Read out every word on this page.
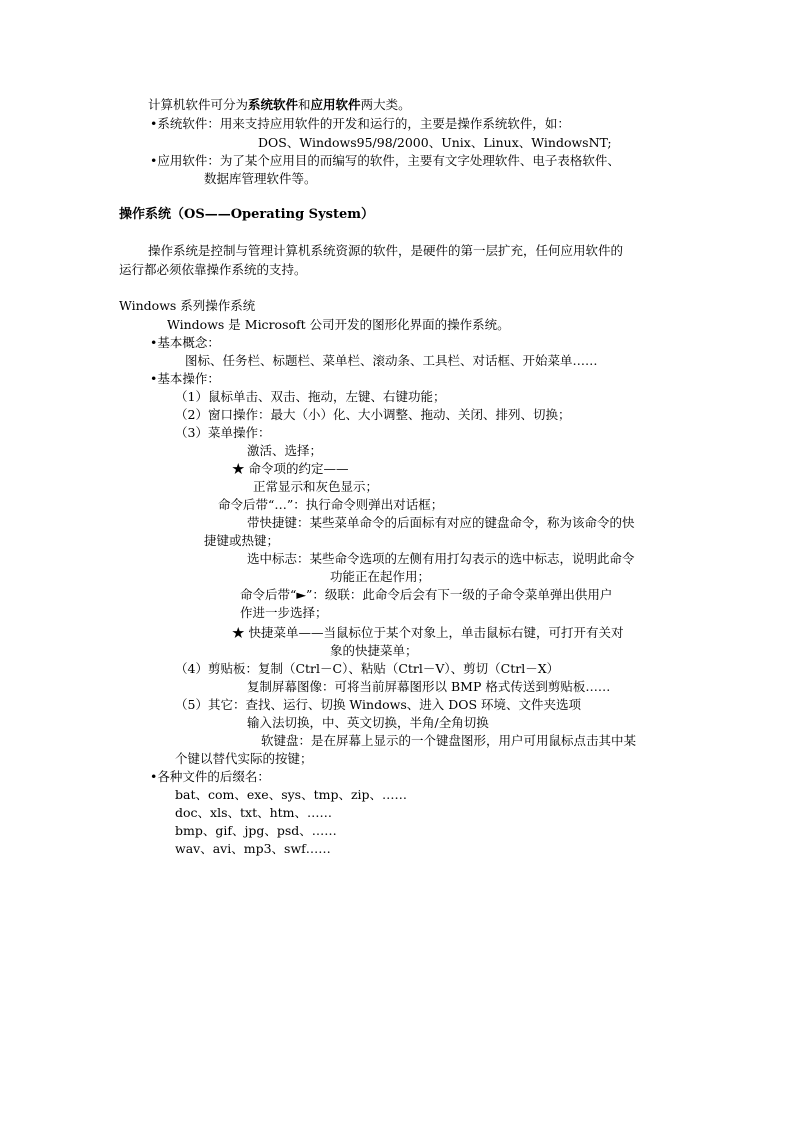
计算机软件可分为系统软件和应用软件两大类。
•系统软件：用来支持应用软件的开发和运行的，主要是操作系统软件，如：
DOS、Windows95/98/2000、Unix、Linux、WindowsNT;
•应用软件：为了某个应用目的而编写的软件，主要有文字处理软件、电子表格软件、
数据库管理软件等。
操作系统（OS——Operating System）
操作系统是控制与管理计算机系统资源的软件，是硬件的第一层扩充，任何应用软件的
运行都必须依靠操作系统的支持。
Windows 系列操作系统
Windows 是 Microsoft 公司开发的图形化界面的操作系统。
•基本概念：
图标、任务栏、标题栏、菜单栏、滚动条、工具栏、对话框、开始菜单……
•基本操作：
（1）鼠标单击、双击、拖动，左键、右键功能；
（2）窗口操作：最大（小）化、大小调整、拖动、关闭、排列、切换；
（3）菜单操作：
激活、选择；
★ 命令项的约定——
正常显示和灰色显示；
命令后带“…”：执行命令则弹出对话框；
带快捷键：某些菜单命令的后面标有对应的键盘命令，称为该命令的快
捷键或热键；
选中标志：某些命令选项的左侧有用打勾表示的选中标志，说明此命令
功能正在起作用；
命令后带“►”：级联：此命令后会有下一级的子命令菜单弹出供用户
作进一步选择；
★ 快捷菜单——当鼠标位于某个对象上，单击鼠标右键，可打开有关对
象的快捷菜单；
（4）剪贴板：复制（Ctrl－C）、粘贴（Ctrl－V）、剪切（Ctrl－X）
复制屏幕图像：可将当前屏幕图形以 BMP 格式传送到剪贴板……
（5）其它：查找、运行、切换 Windows、进入 DOS 环境、文件夹选项
输入法切换，中、英文切换，半角/全角切换
软键盘：是在屏幕上显示的一个键盘图形，用户可用鼠标点击其中某
个键以替代实际的按键；
•各种文件的后缀名：
bat、com、exe、sys、tmp、zip、……
doc、xls、txt、htm、……
bmp、gif、jpg、psd、……
wav、avi、mp3、swf……
